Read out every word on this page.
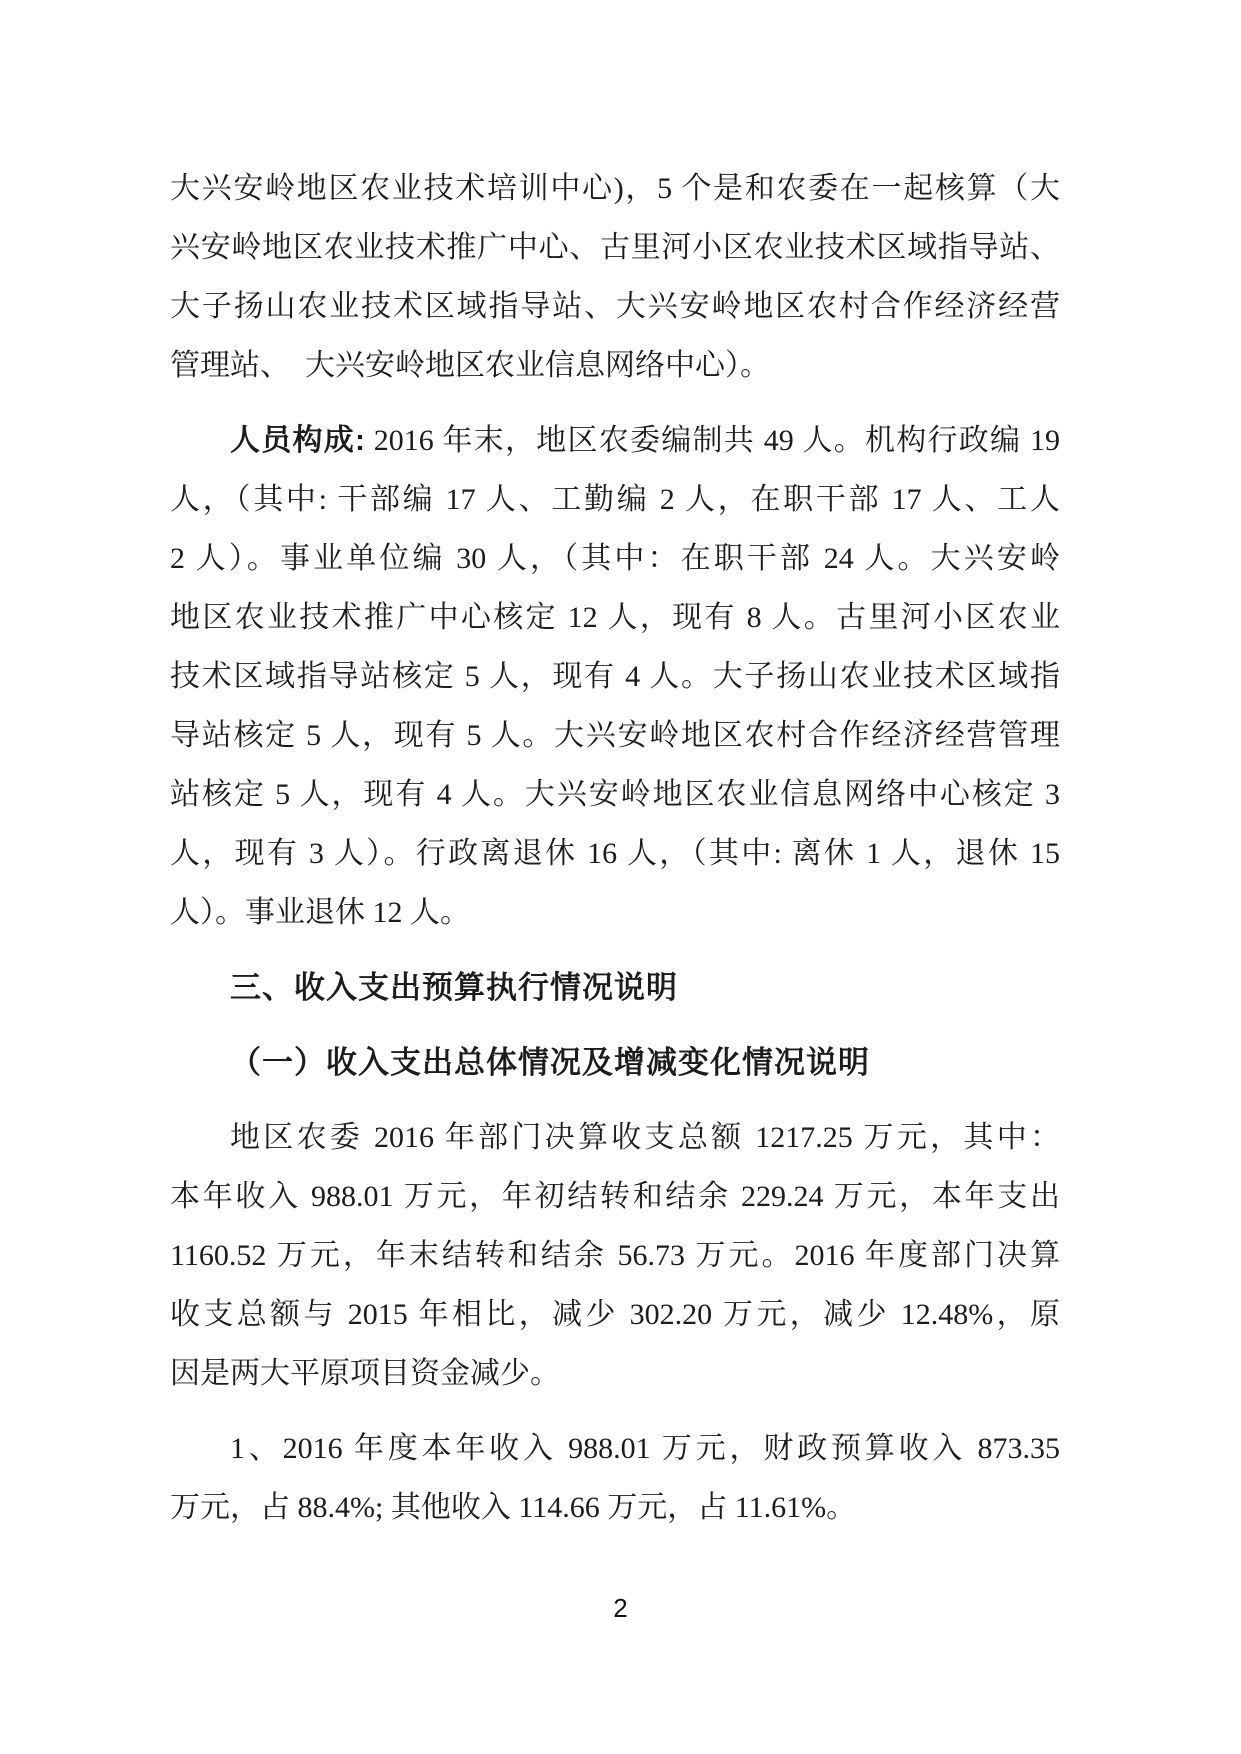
大兴安岭地区农业技术培训中心)，5 个是和农委在一起核算（大
兴安岭地区农业技术推广中心、古里河小区农业技术区域指导站、
大子扬山农业技术区域指导站、大兴安岭地区农村合作经济经营
管理站、　大兴安岭地区农业信息网络中心）。
人员构成: 2016 年末，地区农委编制共 49 人。机构行政编 19
人，（其中: 干部编 17 人、工勤编 2 人，在职干部 17 人、工人
2 人）。事业单位编 30 人，（其中：在职干部 24 人。大兴安岭
地区农业技术推广中心核定 12 人，现有 8 人。古里河小区农业
技术区域指导站核定 5 人，现有 4 人。大子扬山农业技术区域指
导站核定 5 人，现有 5 人。大兴安岭地区农村合作经济经营管理
站核定 5 人，现有 4 人。大兴安岭地区农业信息网络中心核定 3
人，现有 3 人）。行政离退休 16 人，（其中: 离休 1 人，退休 15
人）。事业退休 12 人。
三、收入支出预算执行情况说明
（一）收入支出总体情况及增减变化情况说明
地区农委 2016 年部门决算收支总额 1217.25 万元，其中：
本年收入 988.01 万元，年初结转和结余 229.24 万元，本年支出
1160.52 万元，年末结转和结余 56.73 万元。2016 年度部门决算
收支总额与 2015 年相比，减少 302.20 万元，减少 12.48%，原
因是两大平原项目资金减少。
1、2016 年度本年收入 988.01 万元，财政预算收入 873.35
万元，占 88.4%; 其他收入 114.66 万元，占 11.61%。
2
